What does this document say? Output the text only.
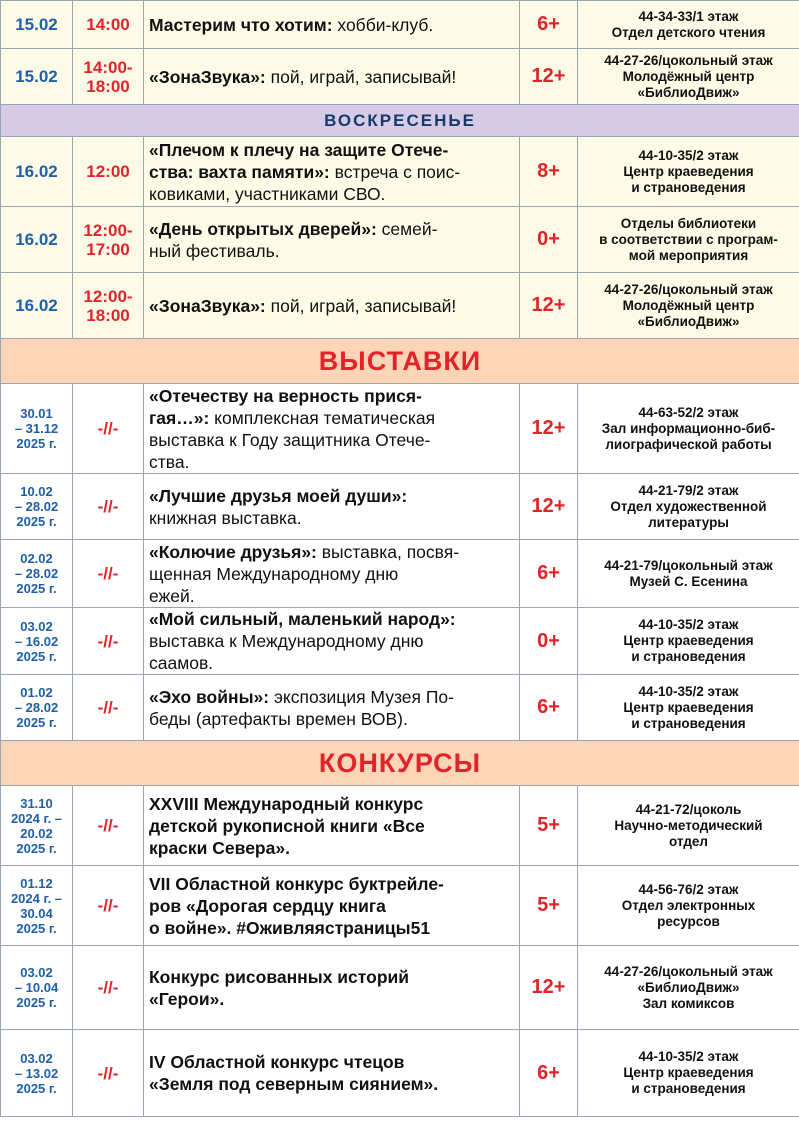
15.02	14:00	Мастерим что хотим: хобби-клуб.	6+	44-34-33/1 этаж
Отдел детского чтения

15.02	14:00-
18:00	«ЗонаЗвука»: пой, играй, записывай!	12+	44-27-26/цокольный этаж
Молодёжный центр
«БиблиоДвиж»

ВОСКРЕСЕНЬЕ				
16.02	12:00	«Плечом к плечу на защите Отече-
ства: вахта памяти»: встреча с поис-
ковиками, участниками СВО.	8+	44-10-35/2 этаж
Центр краеведения
и страноведения

16.02	12:00-
17:00	«День открытых дверей»: семей-
ный фестиваль.	0+	Отделы библиотеки
в соответствии с програм-
мой мероприятия

16.02	12:00-
18:00	«ЗонаЗвука»: пой, играй, записывай!	12+	44-27-26/цокольный этаж
Молодёжный центр
«БиблиоДвиж»

ВЫСТАВКИ				

30.01
– 31.12
2025 г.	-//-	«Отечеству на верность прися-
гая…»: комплексная тематическая
выставка к Году защитника Отече-
ства.	12+	44-63-52/2 этаж
Зал информационно-биб-
лиографической работы

10.02
– 28.02
2025 г.	-//-	«Лучшие друзья моей души»:
книжная выставка.	12+	44-21-79/2 этаж
Отдел художественной
литературы

02.02
– 28.02
2025 г.	-//-	«Колючие друзья»: выставка, посвя-
щенная Международному дню
ежей.	6+	44-21-79/цокольный этаж
Музей С. Есенина

03.02
– 16.02
2025 г.	-//-	«Мой сильный, маленький народ»:
выставка к Международному дню
саамов.	0+	44-10-35/2 этаж
Центр краеведения
и страноведения

01.02
– 28.02
2025 г.	-//-	«Эхо войны»: экспозиция Музея По-
беды (артефакты времен ВОВ).	6+	44-10-35/2 этаж
Центр краеведения
и страноведения

КОНКУРСЫ				

31.10
2024 г. –
20.02
2025 г.	-//-	XXVIII Международный конкурс
детской рукописной книги «Все
краски Севера».	5+	44-21-72/цоколь
Научно-методический
отдел

01.12
2024 г. –
30.04
2025 г.	-//-	VII Областной конкурс буктрейле-
ров «Дорогая сердцу книга
о войне». #Оживляястраницы51	5+	44-56-76/2 этаж
Отдел электронных
ресурсов

03.02
– 10.04
2025 г.	-//-	Конкурс рисованных историй
«Герои».	12+	44-27-26/цокольный этаж
«БиблиоДвиж»
Зал комиксов

03.02
– 13.02
2025 г.	-//-	IV Областной конкурс чтецов
«Земля под северным сиянием».	6+	44-10-35/2 этаж
Центр краеведения
и страноведения
